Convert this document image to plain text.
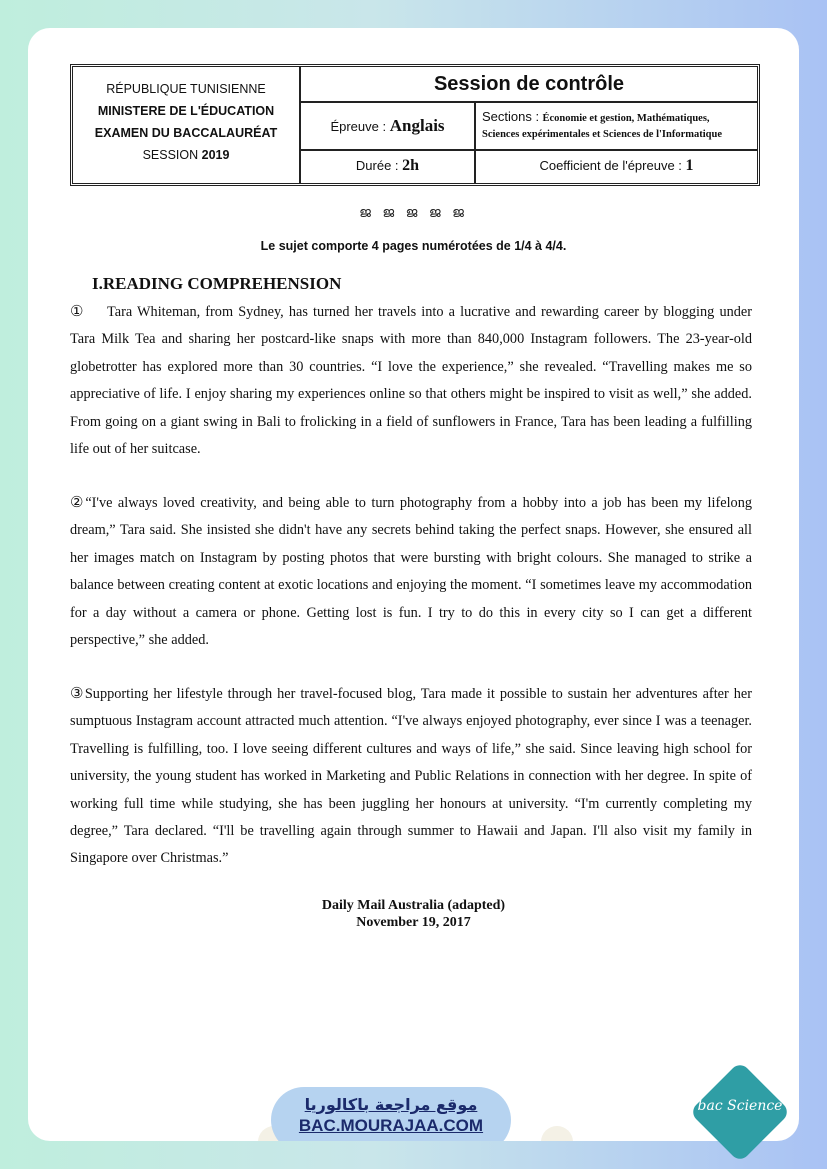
RÉPUBLIQUE TUNISIENNE
MINISTERE DE L'ÉDUCATION
EXAMEN DU BACCALAURÉAT
SESSION 2019
Session de contrôle
Épreuve : Anglais	Sections : Économie et gestion, Mathématiques,
Sciences expérimentales et Sciences de l'Informatique
Durée : 2h	Coefficient de l'épreuve : 1
ജ ജ ജ ജ ജ
Le sujet comporte 4 pages numérotées de 1/4 à 4/4.
I.READING COMPREHENSION

① Tara Whiteman, from Sydney, has turned her travels into a lucrative and rewarding career by blogging under Tara Milk Tea and sharing her postcard-like snaps with more than 840,000 Instagram followers. The 23-year-old globetrotter has explored more than 30 countries. “I love the experience,” she revealed. “Travelling makes me so appreciative of life. I enjoy sharing my experiences online so that others might be inspired to visit as well,” she added. From going on a giant swing in Bali to frolicking in a field of sunflowers in France, Tara has been leading a fulfilling life out of her suitcase.

②“I've always loved creativity, and being able to turn photography from a hobby into a job has been my lifelong dream,” Tara said. She insisted she didn't have any secrets behind taking the perfect snaps. However, she ensured all her images match on Instagram by posting photos that were bursting with bright colours. She managed to strike a balance between creating content at exotic locations and enjoying the moment. “I sometimes leave my accommodation for a day without a camera or phone. Getting lost is fun. I try to do this in every city so I can get a different perspective,” she added.

③Supporting her lifestyle through her travel-focused blog, Tara made it possible to sustain her adventures after her sumptuous Instagram account attracted much attention. “I've always enjoyed photography, ever since I was a teenager. Travelling is fulfilling, too. I love seeing different cultures and ways of life,” she said. Since leaving high school for university, the young student has worked in Marketing and Public Relations in connection with her degree. In spite of working full time while studying, she has been juggling her honours at university. “I'm currently completing my degree,” Tara declared. “I'll be travelling again through summer to Hawaii and Japan. I'll also visit my family in Singapore over Christmas.”

Daily Mail Australia (adapted)
November 19, 2017
موقع مراجعة باكالوريا
BAC.MOURAJAA.COM
bac Science
